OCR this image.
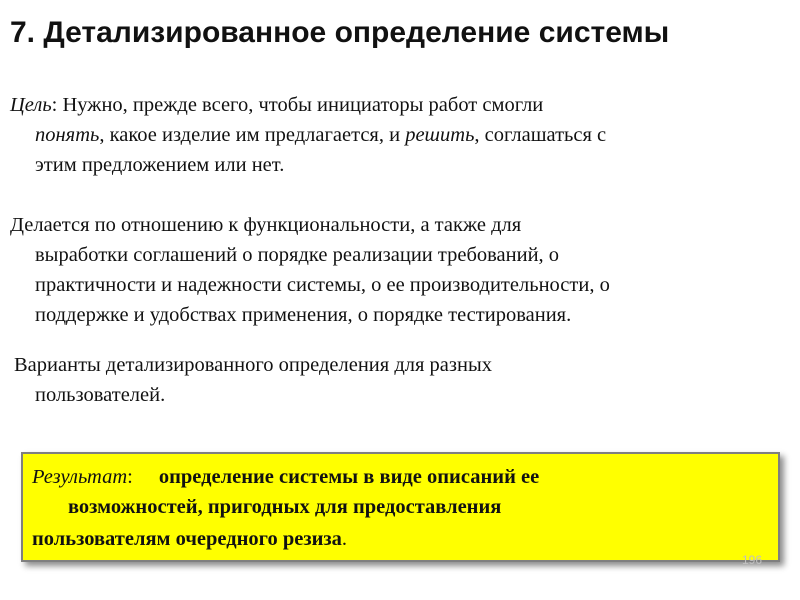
7. Детализированное определение системы
Цель: Нужно, прежде всего, чтобы инициаторы работ смогли
понять, какое изделие им предлагается, и решить, соглашаться с
этим предложением или нет.
Делается по отношению к функциональности, а также для
выработки соглашений о порядке реализации требований, о
практичности и надежности системы, о ее производительности, о
поддержке и удобствах применения, о порядке тестирования.
Варианты детализированного определения для разных
пользователей.
Результат: определение системы в виде описаний ее
возможностей, пригодных для предоставления
пользователям очередного резиза.
196
